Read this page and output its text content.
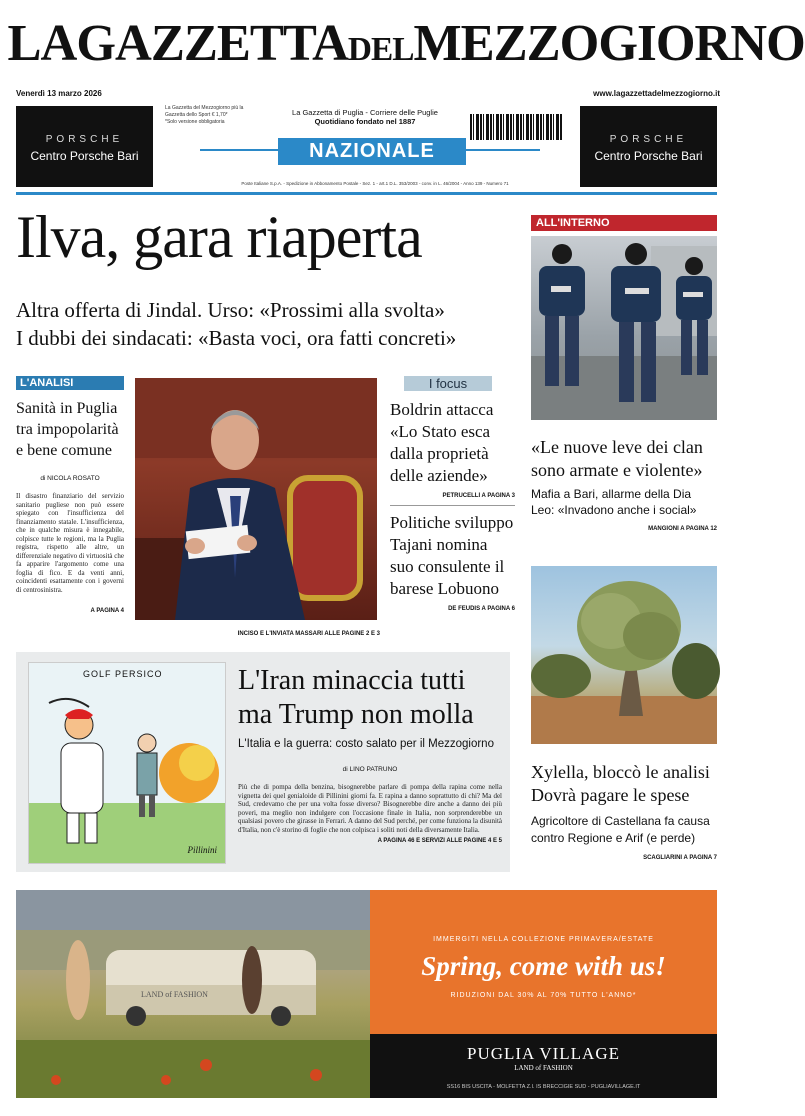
LAGAZZETTADELMEZZOGIORNO
Venerdì 13 marzo 2026	www.lagazzettadelmezzogiorno.it
PORSCHE
Centro Porsche Bari
PORSCHE
Centro Porsche Bari
La Gazzetta del Mezzogiorno più la Gazzetta dello Sport € 1,70*
*Solo versione obbligatoria
La Gazzetta di Puglia - Corriere delle Puglie
Quotidiano fondato nel 1887
NAZIONALE
Poste Italiane S.p.A. - Spedizione in Abbonamento Postale - Sez. 1 - art.1 D.L. 353/2003 - conv. in L. 46/2004 - Anno 139 - Numero 71
Ilva, gara riaperta
Altra offerta di Jindal. Urso: «Prossimi alla svolta»
I dubbi dei sindacati: «Basta voci, ora fatti concreti»
L'ANALISI
Sanità in Puglia tra impopolarità e bene comune
di NICOLA ROSATO
Il disastro finanziario del servizio sanitario pugliese non può essere spiegato con l'insufficienza del finanziamento statale. L'insufficienza, che in qualche misura è innegabile, colpisce tutte le regioni, ma la Puglia registra, rispetto alle altre, un differenziale negativo di virtuosità che fa apparire l'argomento come una foglia di fico. E da venti anni, coincidenti esattamente con i governi di centrosinistra.
A PAGINA 4
INCISO E L'INVIATA MASSARI ALLE PAGINE 2 E 3
I focus
Boldrin attacca «Lo Stato esca dalla proprietà delle aziende»
PETRUCELLI A PAGINA 3
Politiche sviluppo Tajani nomina suo consulente il barese Lobuono
DE FEUDIS A PAGINA 6
ALL'INTERNO
«Le nuove leve dei clan sono armate e violente»
Mafia a Bari, allarme della Dia
Leo: «Invadono anche i social»
MANGIONI A PAGINA 12
Xylella, bloccò le analisi
Dovrà pagare le spese
Agricoltore di Castellana fa causa
contro Regione e Arif (e perde)
SCAGLIARINI A PAGINA 7
GOLF PERSICO
Pillinini
L'Iran minaccia tutti
ma Trump non molla
L'Italia e la guerra: costo salato per il Mezzogiorno
di LINO PATRUNO
Più che di pompa della benzina, bisognerebbe parlare di pompa della rapina come nella vignetta dei quel genialoide di Pillinini giorni fa. E rapina a danno soprattutto di chi? Ma del Sud, credevamo che per una volta fosse diverso? Bisognerebbe dire anche a danno dei più poveri, ma meglio non indulgere con l'occasione finale in Italia, non sorprenderebbe un qualsiasi povero che girasse in Ferrari. A danno del Sud perché, per come funziona la disunità d'Italia, non c'è storino di foglie che non colpisca i soliti noti della diversamente Italia.
A PAGINA 46 E SERVIZI ALLE PAGINE 4 E 5
LAND of FASHION
IMMERGITI NELLA COLLEZIONE PRIMAVERA/ESTATE
Spring, come with us!
RIDUZIONI DAL 30% AL 70% TUTTO L'ANNO*
PUGLIA VILLAGE
LAND of FASHION
SS16 BIS USCITA - MOLFETTA Z.I. IS BRECCIGIE SUD - PUGLIAVILLAGE.IT
